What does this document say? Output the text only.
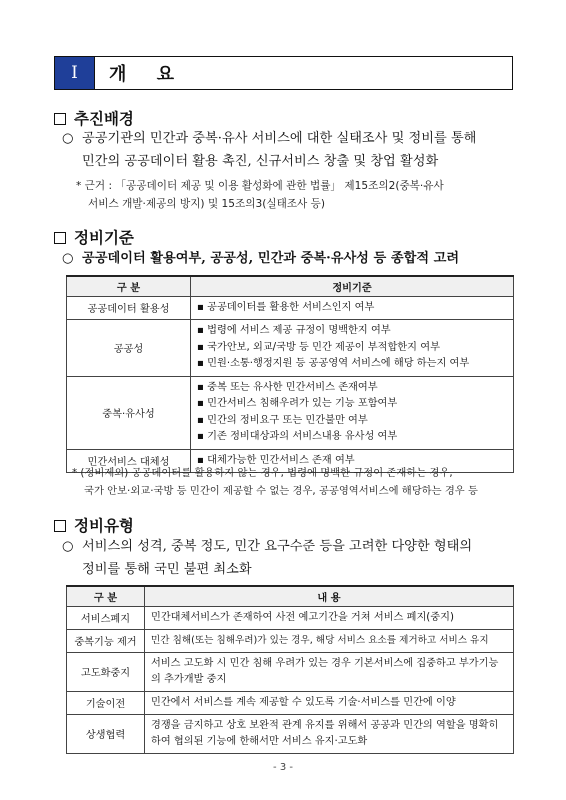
I	개 요
추진배경
○ 공공기관의 민간과 중복·유사 서비스에 대한 실태조사 및 정비를 통해
민간의 공공데이터 활용 촉진, 신규서비스 창출 및 창업 활성화
* 근거 : 「공공데이터 제공 및 이용 활성화에 관한 법률」 제15조의2(중복·유사
서비스 개발·제공의 방지) 및 15조의3(실태조사 등)
정비기준
○ 공공데이터 활용여부, 공공성, 민간과 중복·유사성 등 종합적 고려
구 분	정비기준
공공데이터 활용성	▪ 공공데이터를 활용한 서비스인지 여부

공공성	▪ 법령에 서비스 제공 규정이 명백한지 여부
▪ 국가안보, 외교/국방 등 민간 제공이 부적합한지 여부
▪ 민원·소통·행정지원 등 공공영역 서비스에 해당 하는지 여부

중복·유사성	▪ 중복 또는 유사한 민간서비스 존재여부
▪ 민간서비스 침해우려가 있는 기능 포함여부
▪ 민간의 정비요구 또는 민간불만 여부
▪ 기존 정비대상과의 서비스내용 유사성 여부

민간서비스 대체성	▪ 대체가능한 민간서비스 존재 여부
* (정비제외) 공공데이터를 활용하지 않는 경우, 법령에 명백한 규정이 존재하는 경우,
국가 안보·외교·국방 등 민간이 제공할 수 없는 경우, 공공영역서비스에 해당하는 경우 등
정비유형
○ 서비스의 성격, 중복 정도, 민간 요구수준 등을 고려한 다양한 형태의
정비를 통해 국민 불편 최소화
구 분	내 용
서비스폐지	민간대체서비스가 존재하여 사전 예고기간을 거쳐 서비스 폐지(중지)
중복기능 제거	민간 침해(또는 침해우려)가 있는 경우, 해당 서비스 요소를 제거하고 서비스 유지
고도화중지	서비스 고도화 시 민간 침해 우려가 있는 경우 기본서비스에 집중하고 부가기능의 추가개발 중지
기술이전	민간에서 서비스를 계속 제공할 수 있도록 기술·서비스를 민간에 이양
상생협력	경쟁을 금지하고 상호 보완적 관계 유지를 위해서 공공과 민간의 역할을 명확히 하여 협의된 기능에 한해서만 서비스 유지·고도화
- 3 -
